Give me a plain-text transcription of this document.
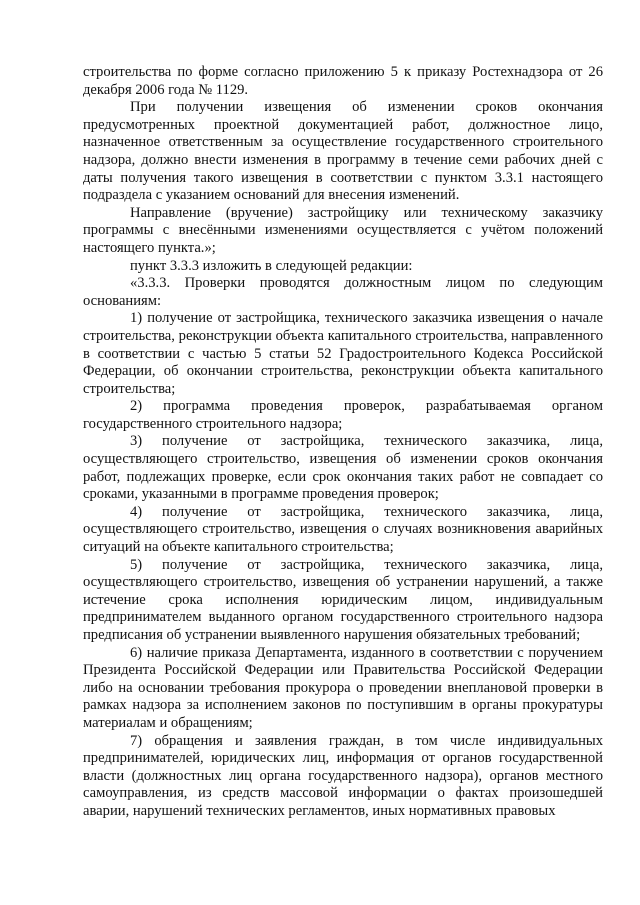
строительства по форме согласно приложению 5 к приказу Ростехнадзора от 26 декабря 2006 года № 1129.

При получении извещения об изменении сроков окончания предусмотренных проектной документацией работ, должностное лицо, назначенное ответственным за осуществление государственного строительного надзора, должно внести изменения в программу в течение семи рабочих дней с даты получения такого извещения в соответствии с пунктом 3.3.1 настоящего подраздела с указанием оснований для внесения изменений.

Направление (вручение) застройщику или техническому заказчику программы с внесёнными изменениями осуществляется с учётом положений настоящего пункта.»;

пункт 3.3.3 изложить в следующей редакции:

«3.3.3. Проверки проводятся должностным лицом по следующим основаниям:

1) получение от застройщика, технического заказчика извещения о начале строительства, реконструкции объекта капитального строительства, направленного в соответствии с частью 5 статьи 52 Градостроительного Кодекса Российской Федерации, об окончании строительства, реконструкции объекта капитального строительства;

2) программа проведения проверок, разрабатываемая органом государственного строительного надзора;

3) получение от застройщика, технического заказчика, лица, осуществляющего строительство, извещения об изменении сроков окончания работ, подлежащих проверке, если срок окончания таких работ не совпадает со сроками, указанными в программе проведения проверок;

4) получение от застройщика, технического заказчика, лица, осуществляющего строительство, извещения о случаях возникновения аварийных ситуаций на объекте капитального строительства;

5) получение от застройщика, технического заказчика, лица, осуществляющего строительство, извещения об устранении нарушений, а также истечение срока исполнения юридическим лицом, индивидуальным предпринимателем выданного органом государственного строительного надзора предписания об устранении выявленного нарушения обязательных требований;

6) наличие приказа Департамента, изданного в соответствии с поручением Президента Российской Федерации или Правительства Российской Федерации либо на основании требования прокурора о проведении внеплановой проверки в рамках надзора за исполнением законов по поступившим в органы прокуратуры материалам и обращениям;

7) обращения и заявления граждан, в том числе индивидуальных предпринимателей, юридических лиц, информация от органов государственной власти (должностных лиц органа государственного надзора), органов местного самоуправления, из средств массовой информации о фактах произошедшей аварии, нарушений технических регламентов, иных нормативных правовых
